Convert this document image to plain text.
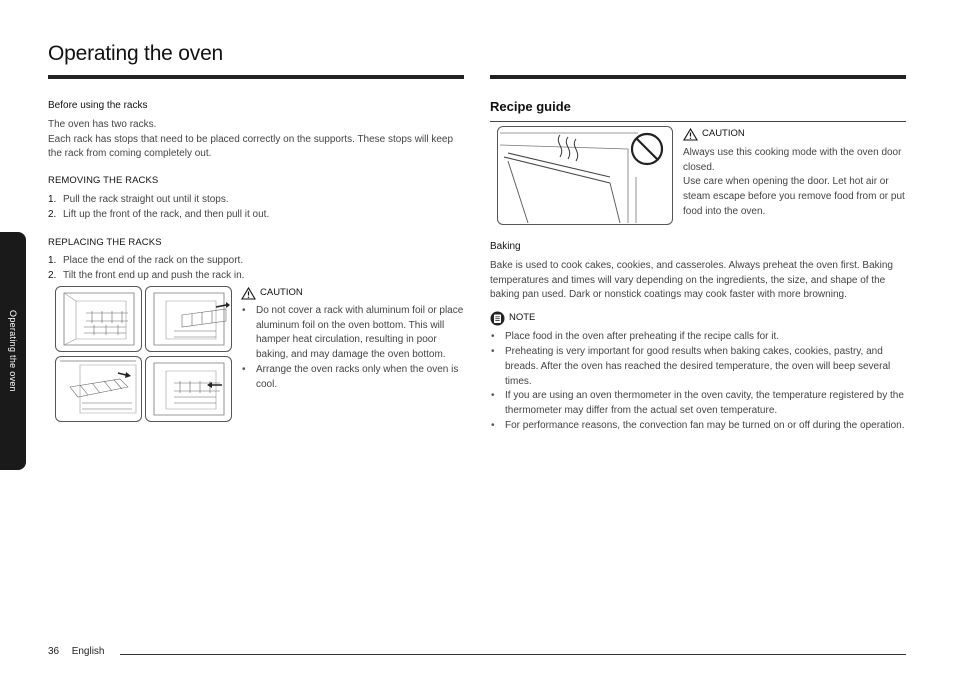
Operating the oven
Operating the oven

Before using the racks

The oven has two racks.

Each rack has stops that need to be placed correctly on the supports. These stops will keep the rack from coming completely out.

REMOVING THE RACKS

1. Pull the rack straight out until it stops.
2. Lift up the front of the rack, and then pull it out.

REPLACING THE RACKS

1. Place the end of the rack on the support.
2. Tilt the front end up and push the rack in.
CAUTION
• Do not cover a rack with aluminum foil or place aluminum foil on the oven bottom. This will hamper heat circulation, resulting in poor baking, and may damage the oven bottom.
• Arrange the oven racks only when the oven is cool.
Recipe guide
CAUTION

Always use this cooking mode with the oven door closed.

Use care when opening the door. Let hot air or steam escape before you remove food from or put food into the oven.

Baking

Bake is used to cook cakes, cookies, and casseroles. Always preheat the oven first. Baking temperatures and times will vary depending on the ingredients, the size, and shape of the baking pan used. Dark or nonstick coatings may cook faster with more browning.

NOTE
• Place food in the oven after preheating if the recipe calls for it.
• Preheating is very important for good results when baking cakes, cookies, pastry, and breads. After the oven has reached the desired temperature, the oven will beep several times.
• If you are using an oven thermometer in the oven cavity, the temperature registered by the thermometer may differ from the actual set oven temperature.
• For performance reasons, the convection fan may be turned on or off during the operation.
36 English
